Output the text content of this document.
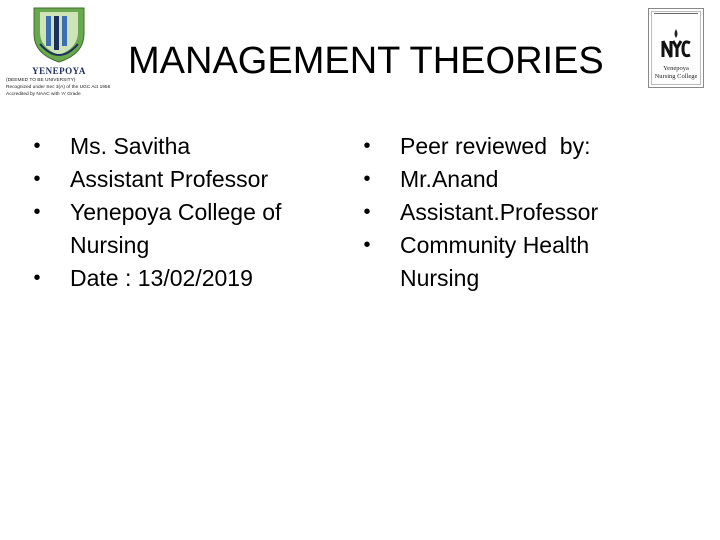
YENEPOYA
(DEEMED TO BE UNIVERSITY)
Recognized under Sec 3(A) of the UGC Act 1956
Accredited by NAAC with 'A' Grade
MANAGEMENT THEORIES	Yenepoya
Nursing College
• Ms. Savitha
• Assistant Professor
• Yenepoya College of Nursing
• Date : 13/02/2019
• Peer reviewed  by:
• Mr.Anand
• Assistant.Professor
• Community Health Nursing
